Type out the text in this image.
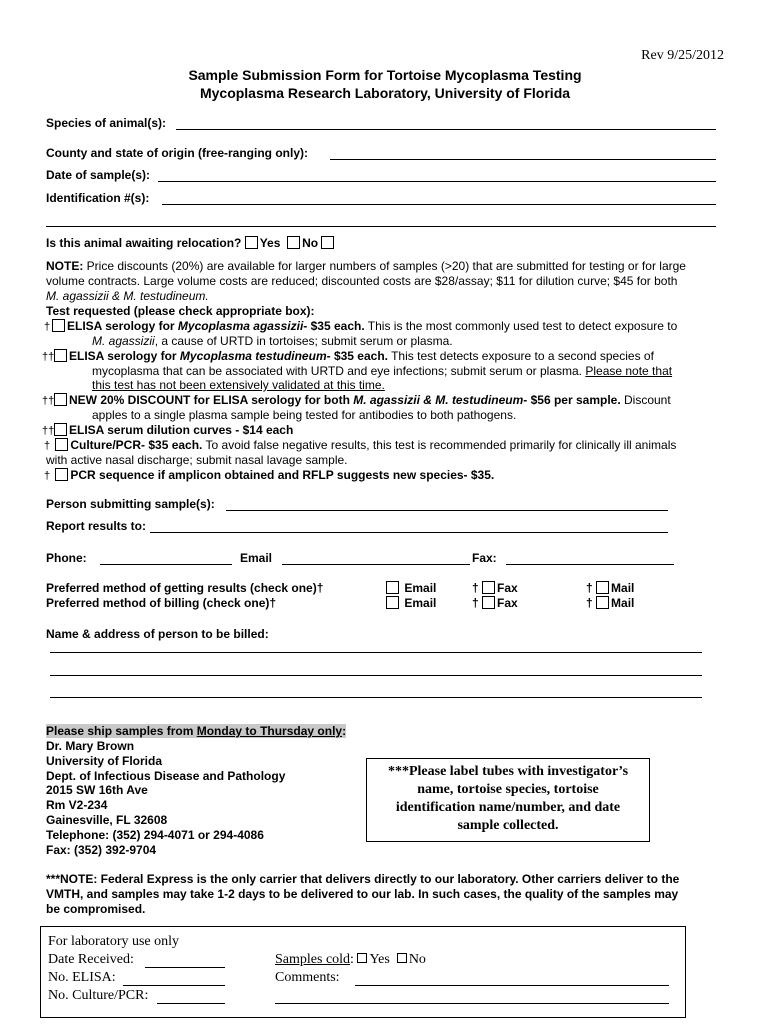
Rev 9/25/2012
Sample Submission Form for Tortoise Mycoplasma Testing
Mycoplasma Research Laboratory, University of Florida
Species of animal(s):
County and state of origin (free-ranging only):
Date of sample(s):
Identification #(s):
Is this animal awaiting relocation? Yes No
NOTE: Price discounts (20%) are available for larger numbers of samples (>20) that are submitted for testing or for large
volume contracts. Large volume costs are reduced; discounted costs are $28/assay; $11 for dilution curve; $45 for both
M. agassizii & M. testudineum.
Test requested (please check appropriate box):
† ELISA serology for Mycoplasma agassizii- $35 each. This is the most commonly used test to detect exposure to
M. agassizii, a cause of URTD in tortoises; submit serum or plasma.
†† ELISA serology for Mycoplasma testudineum- $35 each. This test detects exposure to a second species of
mycoplasma that can be associated with URTD and eye infections; submit serum or plasma. Please note that
this test has not been extensively validated at this time.
†† NEW 20% DISCOUNT for ELISA serology for both M. agassizii & M. testudineum- $56 per sample. Discount
apples to a single plasma sample being tested for antibodies to both pathogens.
†† ELISA serum dilution curves - $14 each
† Culture/PCR- $35 each. To avoid false negative results, this test is recommended primarily for clinically ill animals
with active nasal discharge; submit nasal lavage sample.
† PCR sequence if amplicon obtained and RFLP suggests new species- $35.
Person submitting sample(s):
Report results to:
Phone:	Email	Fax:
Preferred method of getting results (check one)†	Email	† Fax	† Mail
Preferred method of billing (check one)†	Email	† Fax	† Mail
Name & address of person to be billed:
Please ship samples from Monday to Thursday only:
Dr. Mary Brown
University of Florida
Dept. of Infectious Disease and Pathology
2015 SW 16th Ave
Rm V2-234
Gainesville, FL 32608
Telephone: (352) 294-4071 or 294-4086
Fax: (352) 392-9704
***Please label tubes with investigator’s
name, tortoise species, tortoise
identification name/number, and date
sample collected.
***NOTE: Federal Express is the only carrier that delivers directly to our laboratory. Other carriers deliver to the
VMTH, and samples may take 1-2 days to be delivered to our lab. In such cases, the quality of the samples may
be compromised.
For laboratory use only
Date Received:
No. ELISA:
No. Culture/PCR:
Samples cold: Yes No
Comments:
